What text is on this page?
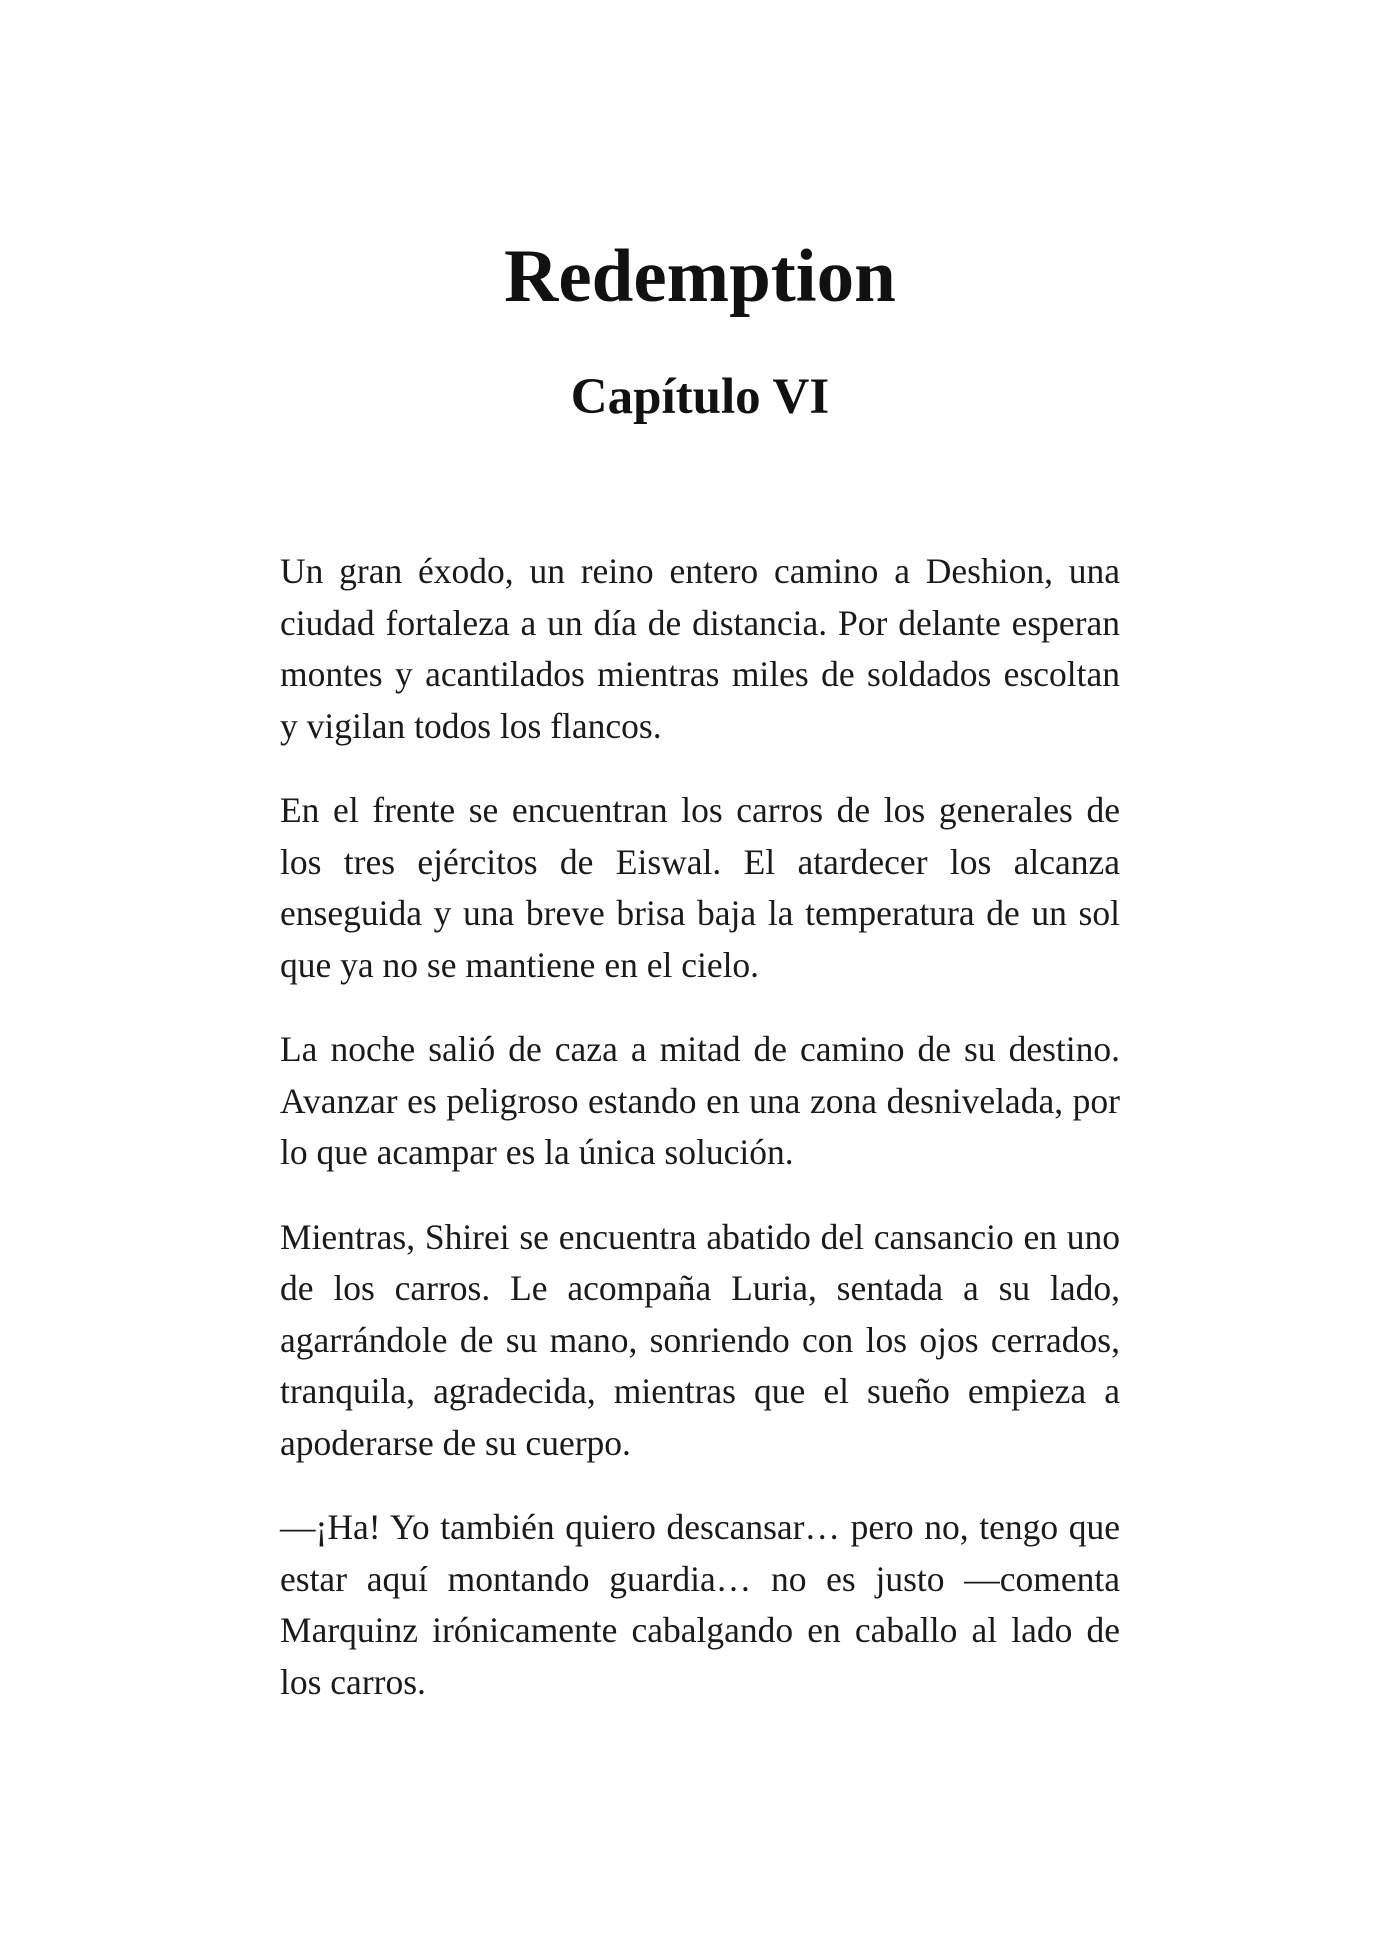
Redemption
Capítulo VI

Un gran éxodo, un reino entero camino a Deshion, una ciudad fortaleza a un día de distancia. Por delante esperan montes y acantilados mientras miles de soldados escoltan y vigilan todos los flancos.

En el frente se encuentran los carros de los generales de los tres ejércitos de Eiswal. El atardecer los alcanza enseguida y una breve brisa baja la temperatura de un sol que ya no se mantiene en el cielo.

La noche salió de caza a mitad de camino de su destino. Avanzar es peligroso estando en una zona desnivelada, por lo que acampar es la única solución.

Mientras, Shirei se encuentra abatido del cansancio en uno de los carros. Le acompaña Luria, sentada a su lado, agarrándole de su mano, sonriendo con los ojos cerrados, tranquila, agradecida, mientras que el sueño empieza a apoderarse de su cuerpo.

—¡Ha! Yo también quiero descansar… pero no, tengo que estar aquí montando guardia… no es justo —comenta Marquinz irónicamente cabalgando en caballo al lado de los carros.
